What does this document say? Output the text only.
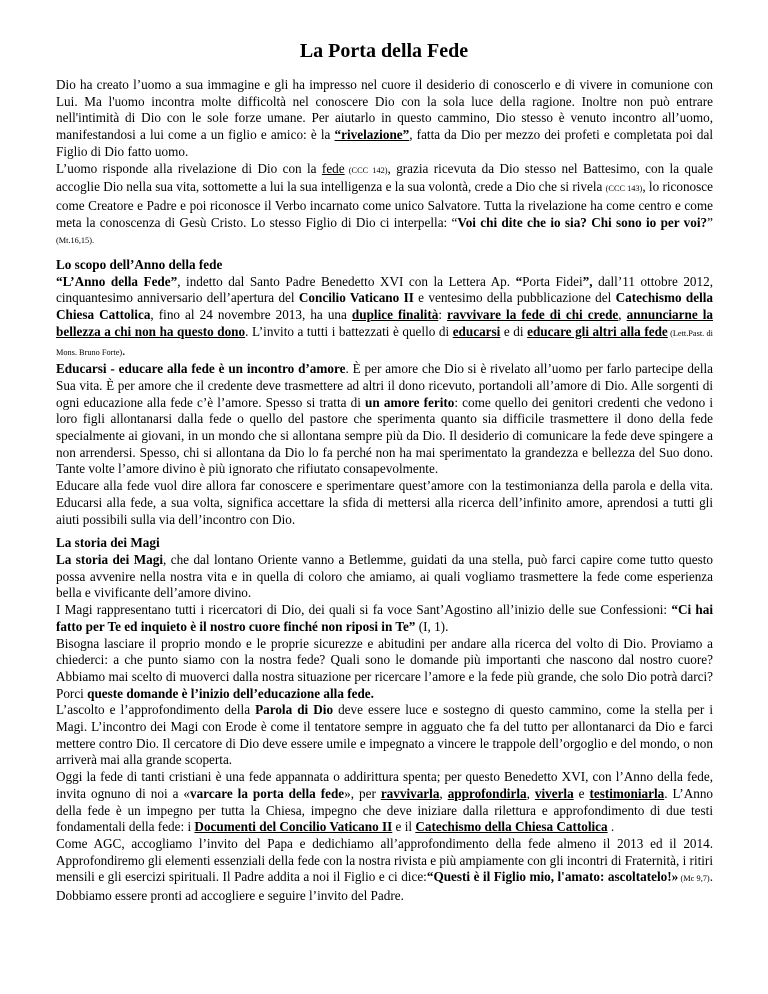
La Porta della Fede

Dio ha creato l’uomo a sua immagine e gli ha impresso nel cuore il desiderio di conoscerlo e di vivere in comunione con Lui. Ma l'uomo incontra molte difficoltà nel conoscere Dio con la sola luce della ragione. Inoltre non può entrare nell'intimità di Dio con le sole forze umane. Per aiutarlo in questo cammino, Dio stesso è venuto incontro all’uomo, manifestandosi a lui come a un figlio e amico: è la “rivelazione”, fatta da Dio per mezzo dei profeti e completata poi dal Figlio di Dio fatto uomo.

L’uomo risponde alla rivelazione di Dio con la fede (CCC 142), grazia ricevuta da Dio stesso nel Battesimo, con la quale accoglie Dio nella sua vita, sottomette a lui la sua intelligenza e la sua volontà, crede a Dio che si rivela (CCC 143), lo riconosce come Creatore e Padre e poi riconosce il Verbo incarnato come unico Salvatore. Tutta la rivelazione ha come centro e come meta la conoscenza di Gesù Cristo. Lo stesso Figlio di Dio ci interpella: “Voi chi dite che io sia? Chi sono io per voi?” (Mt.16,15).

Lo scopo dell’Anno della fede

“L’Anno della Fede”, indetto dal Santo Padre Benedetto XVI con la Lettera Ap. “Porta Fidei”, dall’11 ottobre 2012, cinquantesimo anniversario dell’apertura del Concilio Vaticano II e ventesimo della pubblicazione del Catechismo della Chiesa Cattolica, fino al 24 novembre 2013, ha una duplice finalità: ravvivare la fede di chi crede, annunciarne la bellezza a chi non ha questo dono. L’invito a tutti i battezzati è quello di educarsi e di educare gli altri alla fede (Lett.Past. di Mons. Bruno Forte).

Educarsi - educare alla fede è un incontro d’amore. È per amore che Dio si è rivelato all’uomo per farlo partecipe della Sua vita. È per amore che il credente deve trasmettere ad altri il dono ricevuto, portandoli all’amore di Dio. Alle sorgenti di ogni educazione alla fede c’è l’amore. Spesso si tratta di un amore ferito: come quello dei genitori credenti che vedono i loro figli allontanarsi dalla fede o quello del pastore che sperimenta quanto sia difficile trasmettere il dono della fede specialmente ai giovani, in un mondo che si allontana sempre più da Dio. Il desiderio di comunicare la fede deve spingere a non arrendersi. Spesso, chi si allontana da Dio lo fa perché non ha mai sperimentato la grandezza e bellezza del Suo dono. Tante volte l’amore divino è più ignorato che rifiutato consapevolmente.

Educare alla fede vuol dire allora far conoscere e sperimentare quest’amore con la testimonianza della parola e della vita. Educarsi alla fede, a sua volta, significa accettare la sfida di mettersi alla ricerca dell’infinito amore, aprendosi a tutti gli aiuti possibili sulla via dell’incontro con Dio.

La storia dei Magi

La storia dei Magi, che dal lontano Oriente vanno a Betlemme, guidati da una stella, può farci capire come tutto questo possa avvenire nella nostra vita e in quella di coloro che amiamo, ai quali vogliamo trasmettere la fede come esperienza bella e vivificante dell’amore divino.

I Magi rappresentano tutti i ricercatori di Dio, dei quali si fa voce Sant’Agostino all’inizio delle sue Confessioni: “Ci hai fatto per Te ed inquieto è il nostro cuore finché non riposi in Te” (I, 1).

Bisogna lasciare il proprio mondo e le proprie sicurezze e abitudini per andare alla ricerca del volto di Dio. Proviamo a chiederci: a che punto siamo con la nostra fede? Quali sono le domande più importanti che nascono dal nostro cuore? Abbiamo mai scelto di muoverci dalla nostra situazione per ricercare l’amore e la fede più grande, che solo Dio potrà darci? Porci queste domande è l’inizio dell’educazione alla fede.

L’ascolto e l’approfondimento della Parola di Dio deve essere luce e sostegno di questo cammino, come la stella per i Magi. L’incontro dei Magi con Erode è come il tentatore sempre in agguato che fa del tutto per allontanarci da Dio e farci mettere contro Dio. Il cercatore di Dio deve essere umile e impegnato a vincere le trappole dell’orgoglio e del mondo, o non arriverà mai alla grande scoperta.

Oggi la fede di tanti cristiani è una fede appannata o addirittura spenta; per questo Benedetto XVI, con l’Anno della fede, invita ognuno di noi a «varcare la porta della fede», per ravvivarla, approfondirla, viverla e testimoniarla. L’Anno della fede è un impegno per tutta la Chiesa, impegno che deve iniziare dalla rilettura e approfondimento di due testi fondamentali della fede: i Documenti del Concilio Vaticano II e il Catechismo della Chiesa Cattolica .

Come AGC, accogliamo l’invito del Papa e dedichiamo all’approfondimento della fede almeno il 2013 ed il 2014. Approfondiremo gli elementi essenziali della fede con la nostra rivista e più ampiamente con gli incontri di Fraternità, i ritiri mensili e gli esercizi spirituali. Il Padre addita a noi il Figlio e ci dice:“Questi è il Figlio mio, l'amato: ascoltatelo!» (Mc 9,7). Dobbiamo essere pronti ad accogliere e seguire l’invito del Padre.
